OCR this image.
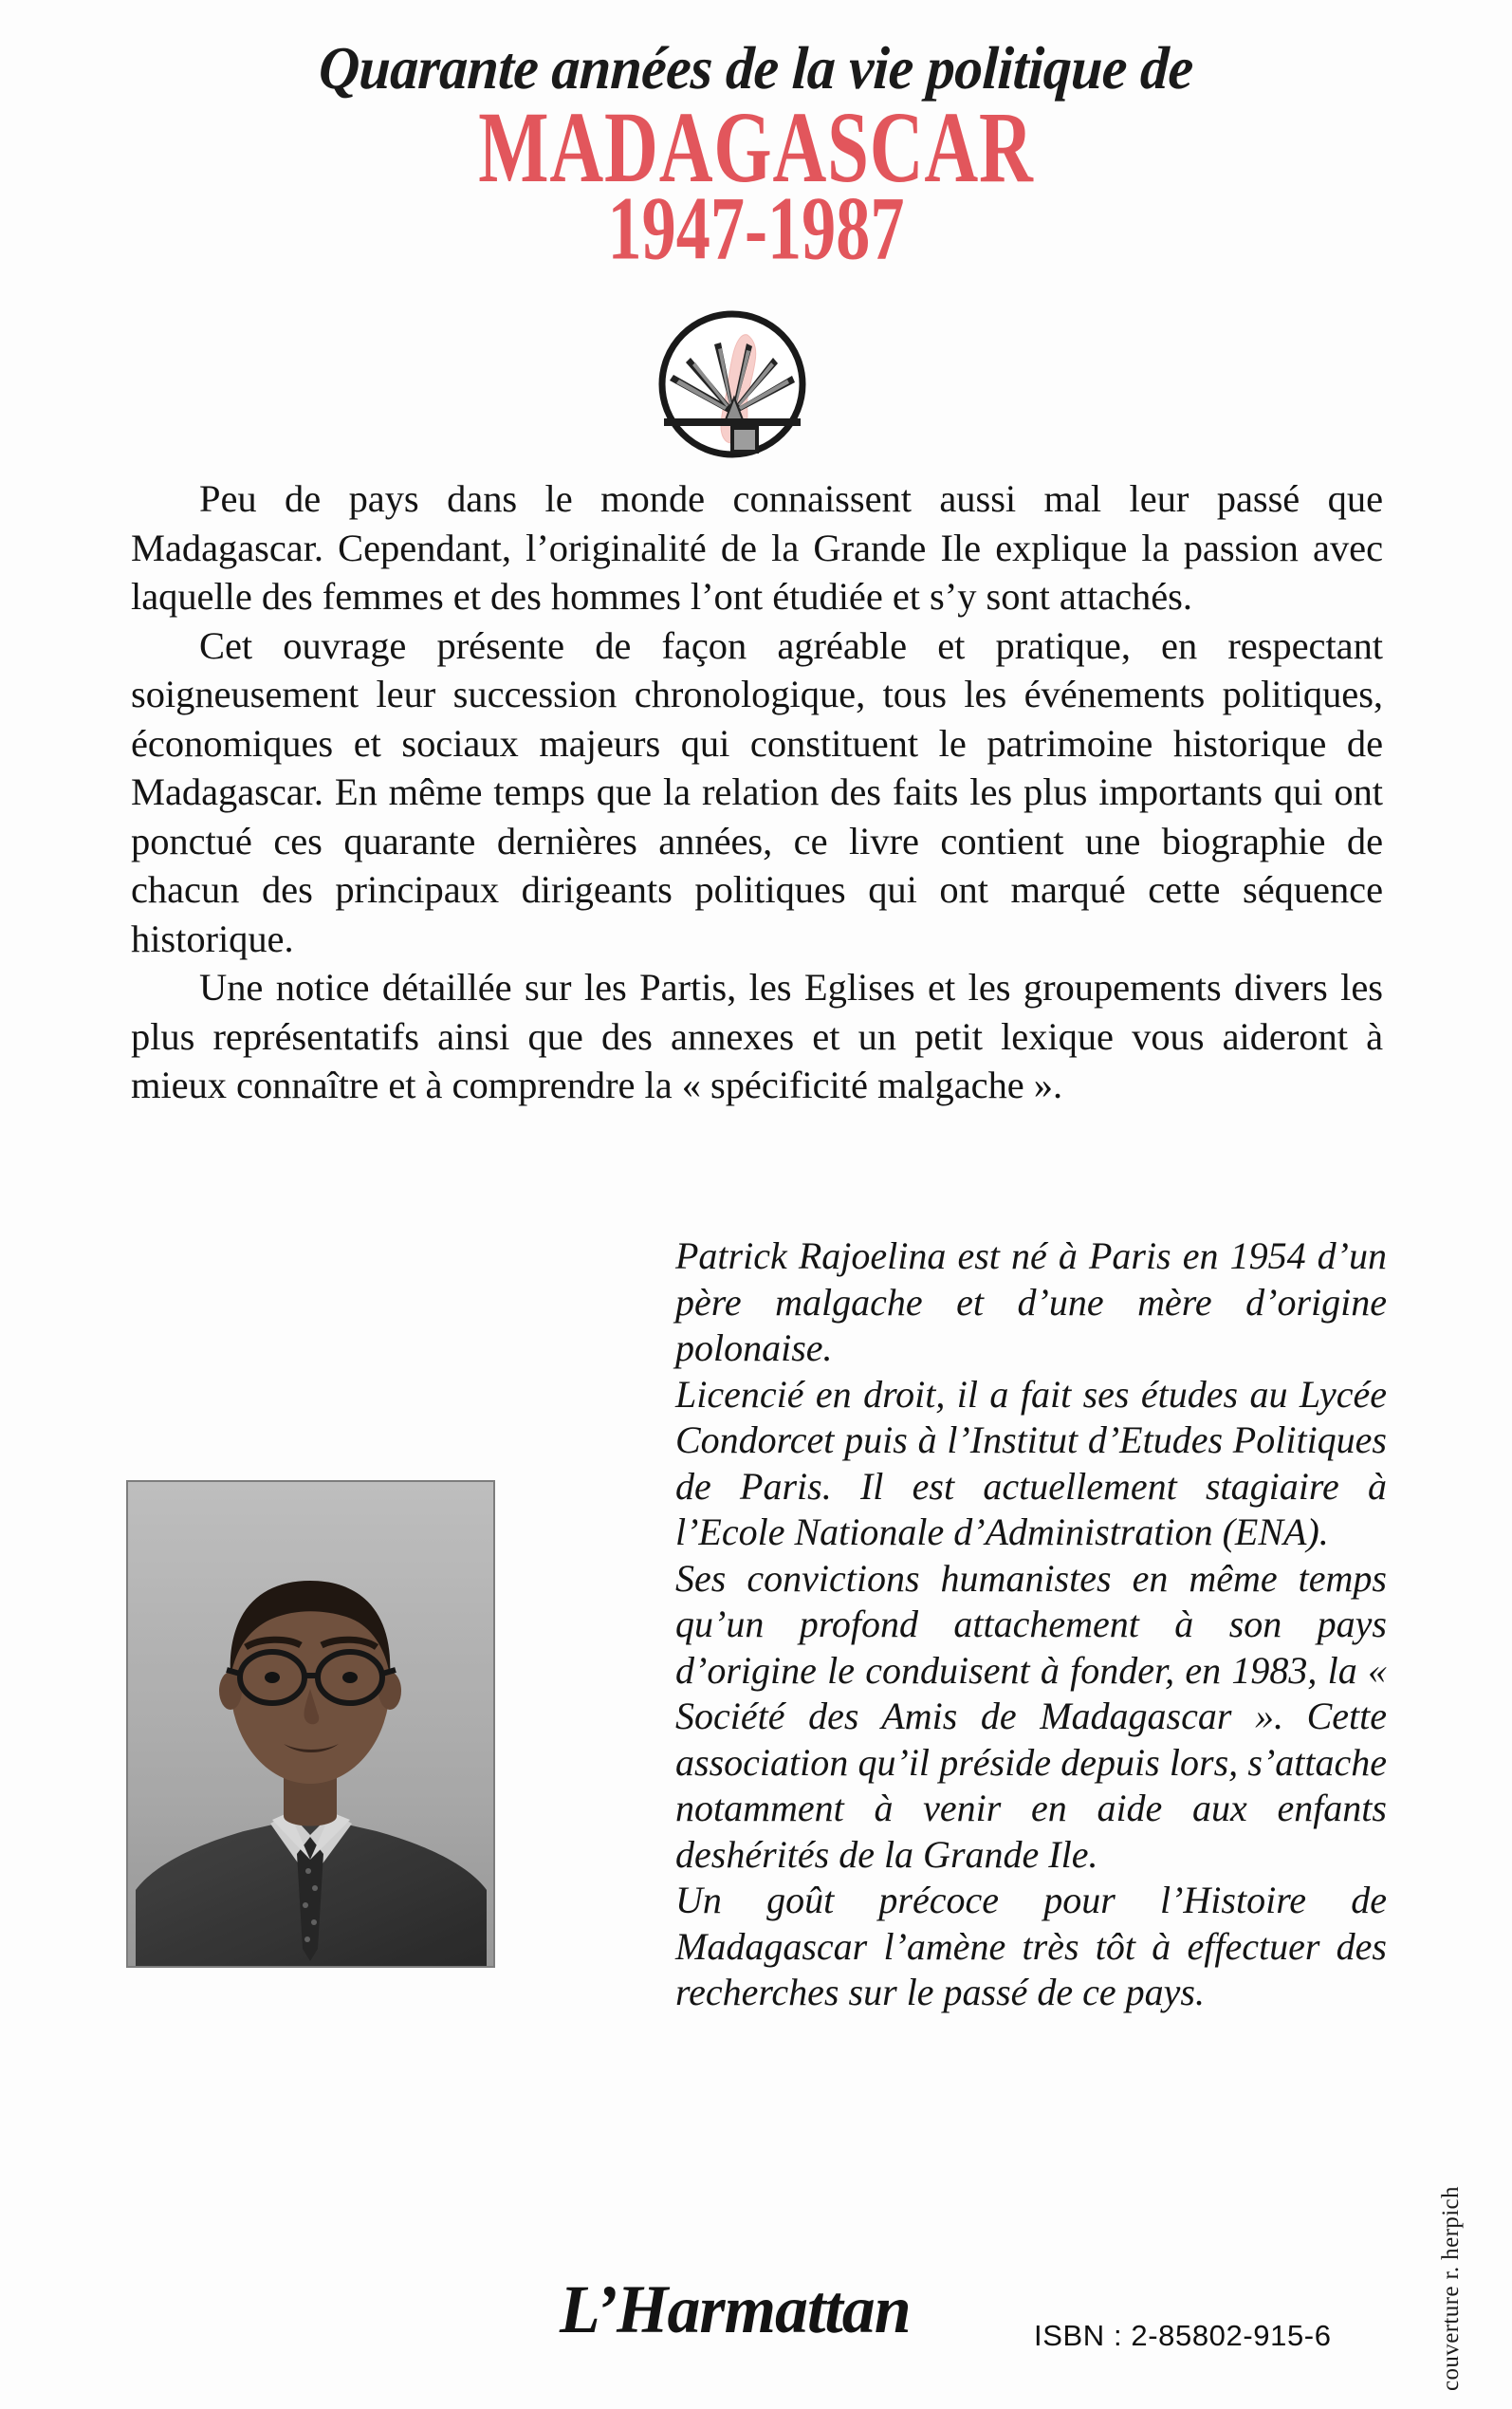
Quarante années de la vie politique de
MADAGASCAR
1947-1987

Peu de pays dans le monde connaissent aussi mal leur passé que Madagascar. Cependant, l’originalité de la Grande Ile explique la passion avec laquelle des femmes et des hommes l’ont étudiée et s’y sont attachés.

Cet ouvrage présente de façon agréable et pratique, en respectant soigneusement leur succession chronologique, tous les événements politiques, économiques et sociaux majeurs qui constituent le patrimoine historique de Madagascar. En même temps que la relation des faits les plus importants qui ont ponctué ces quarante dernières années, ce livre contient une biographie de chacun des principaux dirigeants politiques qui ont marqué cette séquence historique.

Une notice détaillée sur les Partis, les Eglises et les groupements divers les plus représentatifs ainsi que des annexes et un petit lexique vous aideront à mieux connaître et à comprendre la « spécificité malgache ».

Patrick Rajoelina est né à Paris en 1954 d’un père malgache et d’une mère d’origine polonaise.

Licencié en droit, il a fait ses études au Lycée Condorcet puis à l’Institut d’Etudes Politiques de Paris. Il est actuellement stagiaire à l’Ecole Nationale d’Administration (ENA).

Ses convictions humanistes en même temps qu’un profond attachement à son pays d’origine le conduisent à fonder, en 1983, la « Société des Amis de Madagascar ». Cette association qu’il préside depuis lors, s’attache notamment à venir en aide aux enfants deshérités de la Grande Ile.

Un goût précoce pour l’Histoire de Madagascar l’amène très tôt à effectuer des recherches sur le passé de ce pays.

L’Harmattan	ISBN : 2-85802-915-6	couverture r. herpich
